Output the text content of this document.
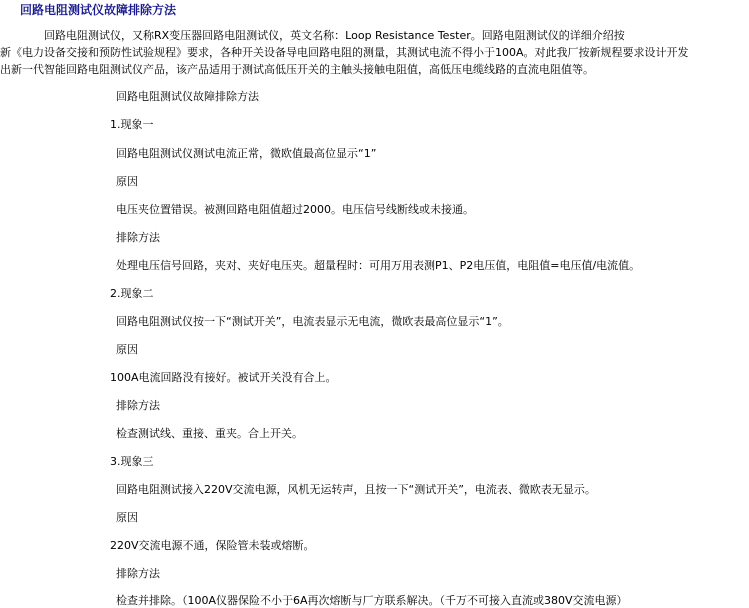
回路电阻测试仪故障排除方法
　　　　回路电阻测试仪，又称RX变压器回路电阻测试仪，英文名称：Loop Resistance Tester。回路电阻测试仪的详细介绍按
新《电力设备交接和预防性试验规程》要求，各种开关设备导电回路电阻的测量，其测试电流不得小于100A。对此我厂按新规程要求设计开发
出新一代智能回路电阻测试仪产品，该产品适用于测试高低压开关的主触头接触电阻值，高低压电缆线路的直流电阻值等。
回路电阻测试仪故障排除方法
1.现象一
回路电阻测试仪测试电流正常，微欧值最高位显示“1”
原因
电压夹位置错误。被测回路电阻值超过2000。电压信号线断线或未接通。
排除方法
处理电压信号回路，夹对、夹好电压夹。超量程时：可用万用表测P1、P2电压值，电阻值=电压值/电流值。
2.现象二
回路电阻测试仪按一下“测试开关”，电流表显示无电流，微欧表最高位显示“1”。
原因
100A电流回路没有接好。被试开关没有合上。
排除方法
检查测试线、重接、重夹。合上开关。
3.现象三
回路电阻测试接入220V交流电源，风机无运转声，且按一下“测试开关”，电流表、微欧表无显示。
原因
220V交流电源不通，保险管未装或熔断。
排除方法
检查并排除。（100A仪器保险不小于6A再次熔断与厂方联系解决。（千万不可接入直流或380V交流电源）
